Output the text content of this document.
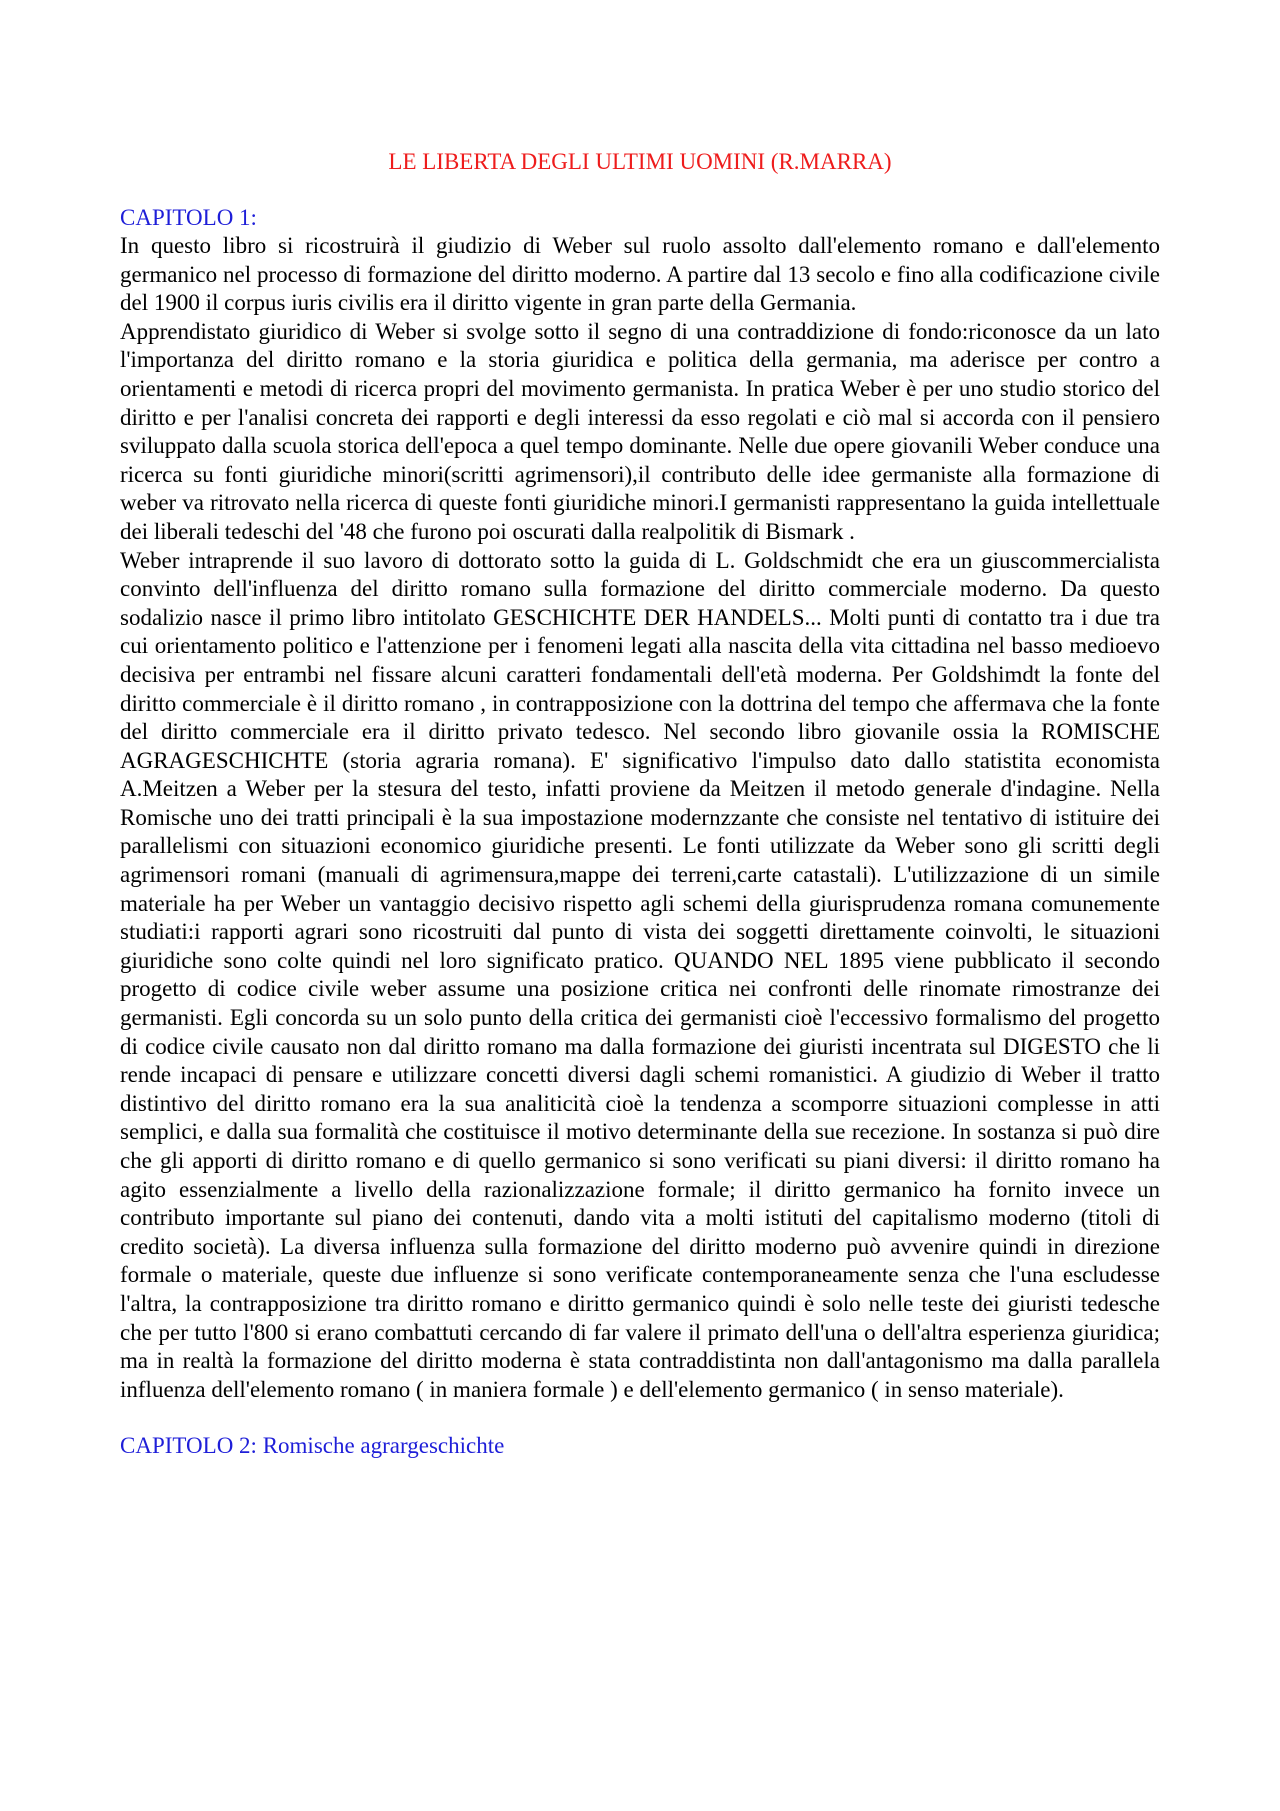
LE LIBERTA DEGLI ULTIMI UOMINI (R.MARRA)
CAPITOLO 1:

In questo libro si ricostruirà il giudizio di Weber sul ruolo assolto dall'elemento romano e dall'elemento germanico nel processo di formazione del diritto moderno. A partire dal 13 secolo e fino alla codificazione civile del 1900 il corpus iuris civilis era il diritto vigente in gran parte della Germania.

Apprendistato giuridico di Weber si svolge sotto il segno di una contraddizione di fondo:riconosce da un lato l'importanza del diritto romano e la storia giuridica e politica della germania, ma aderisce per contro a orientamenti e metodi di ricerca propri del movimento germanista. In pratica Weber è per uno studio storico del diritto e per l'analisi concreta dei rapporti e degli interessi da esso regolati e ciò mal si accorda con il pensiero sviluppato dalla scuola storica dell'epoca a quel tempo dominante. Nelle due opere giovanili Weber conduce una ricerca su fonti giuridiche minori(scritti agrimensori),il contributo delle idee germaniste alla formazione di weber va ritrovato nella ricerca di queste fonti giuridiche minori.I germanisti rappresentano la guida intellettuale dei liberali tedeschi del '48 che furono poi oscurati dalla realpolitik di Bismark .

Weber intraprende il suo lavoro di dottorato sotto la guida di L. Goldschmidt che era un giuscommercialista convinto dell'influenza del diritto romano sulla formazione del diritto commerciale moderno. Da questo sodalizio nasce il primo libro intitolato GESCHICHTE DER HANDELS... Molti punti di contatto tra i due tra cui orientamento politico e l'attenzione per i fenomeni legati alla nascita della vita cittadina nel basso medioevo decisiva per entrambi nel fissare alcuni caratteri fondamentali dell'età moderna. Per Goldshimdt la fonte del diritto commerciale è il diritto romano , in contrapposizione con la dottrina del tempo che affermava che la fonte del diritto commerciale era il diritto privato tedesco. Nel secondo libro giovanile ossia la ROMISCHE AGRAGESCHICHTE (storia agraria romana). E' significativo l'impulso dato dallo statistita economista A.Meitzen a Weber per la stesura del testo, infatti proviene da Meitzen il metodo generale d'indagine. Nella Romische uno dei tratti principali è la sua impostazione modernzzante che consiste nel tentativo di istituire dei parallelismi con situazioni economico giuridiche presenti. Le fonti utilizzate da Weber sono gli scritti degli agrimensori romani (manuali di agrimensura,mappe dei terreni,carte catastali). L'utilizzazione di un simile materiale ha per Weber un vantaggio decisivo rispetto agli schemi della giurisprudenza romana comunemente studiati:i rapporti agrari sono ricostruiti dal punto di vista dei soggetti direttamente coinvolti, le situazioni giuridiche sono colte quindi nel loro significato pratico. QUANDO NEL 1895 viene pubblicato il secondo progetto di codice civile weber assume una posizione critica nei confronti delle rinomate rimostranze dei germanisti. Egli concorda su un solo punto della critica dei germanisti cioè l'eccessivo formalismo del progetto di codice civile causato non dal diritto romano ma dalla formazione dei giuristi incentrata sul DIGESTO che li rende incapaci di pensare e utilizzare concetti diversi dagli schemi romanistici. A giudizio di Weber il tratto distintivo del diritto romano era la sua analiticità cioè la tendenza a scomporre situazioni complesse in atti semplici, e dalla sua formalità che costituisce il motivo determinante della sue recezione. In sostanza si può dire che gli apporti di diritto romano e di quello germanico si sono verificati su piani diversi: il diritto romano ha agito essenzialmente a livello della razionalizzazione formale; il diritto germanico ha fornito invece un contributo importante sul piano dei contenuti, dando vita a molti istituti del capitalismo moderno (titoli di credito società). La diversa influenza sulla formazione del diritto moderno può avvenire quindi in direzione formale o materiale, queste due influenze si sono verificate contemporaneamente senza che l'una escludesse l'altra, la contrapposizione tra diritto romano e diritto germanico quindi è solo nelle teste dei giuristi tedesche che per tutto l'800 si erano combattuti cercando di far valere il primato dell'una o dell'altra esperienza giuridica; ma in realtà la formazione del diritto moderna è stata contraddistinta non dall'antagonismo ma dalla parallela influenza dell'elemento romano ( in maniera formale ) e dell'elemento germanico ( in senso materiale).

CAPITOLO 2: Romische agrargeschichte
